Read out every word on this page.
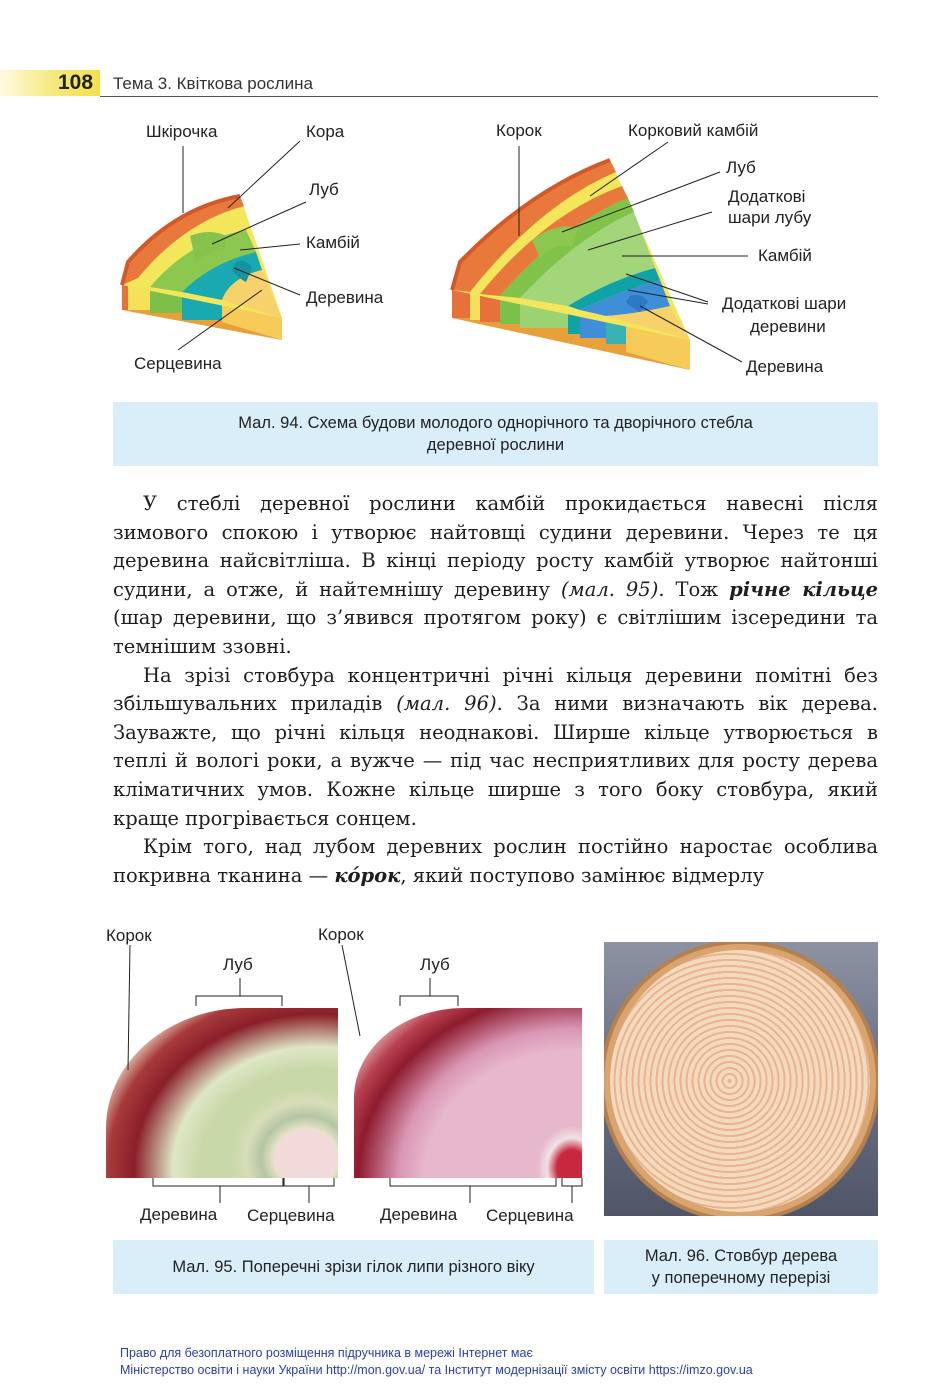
108 Тема 3. Квіткова рослина
Шкірочка	Кора
Луб
Камбій
Деревина
Серцевина
Корок	Корковий камбій
Луб
Додаткові
шари лубу
Камбій
Додаткові шари
деревини
Деревина
Мал. 94. Схема будови молодого однорічного та дворічного стебла
деревної рослини

У стеблі деревної рослини камбій прокидається навесні після зимового спокою і утворює найтовщі судини деревини. Через те ця деревина найсвітліша. В кінці періоду росту камбій утворює найтонші судини, а отже, й найтемнішу деревину (мал. 95). Тож річне кільце (шар деревини, що з’явився протягом року) є світлішим ізсередини та темнішим ззовні.

На зрізі стовбура концентричні річні кільця деревини помітні без збільшувальних приладів (мал. 96). За ними визначають вік дерева. Зауважте, що річні кільця неоднакові. Ширше кільце утворюється в теплі й вологі роки, а вужче — під час несприятливих для росту дерева кліматичних умов. Кожне кільце ширше з того боку стовбура, який краще прогрівається сонцем.

Крім того, над лубом деревних рослин постійно наростає особлива покривна тканина — кóрок, який поступово замінює відмерлу

Корок
Луб
Деревина Серцевина
Корок
Луб
Деревина Серцевина
Мал. 95. Поперечні зрізи гілок липи різного віку
Мал. 96. Стовбур дерева
у поперечному перерізі
Право для безоплатного розміщення підручника в мережі Інтернет має
Міністерство освіти і науки України http://mon.gov.ua/ та Інститут модернізації змісту освіти https://imzo.gov.ua
